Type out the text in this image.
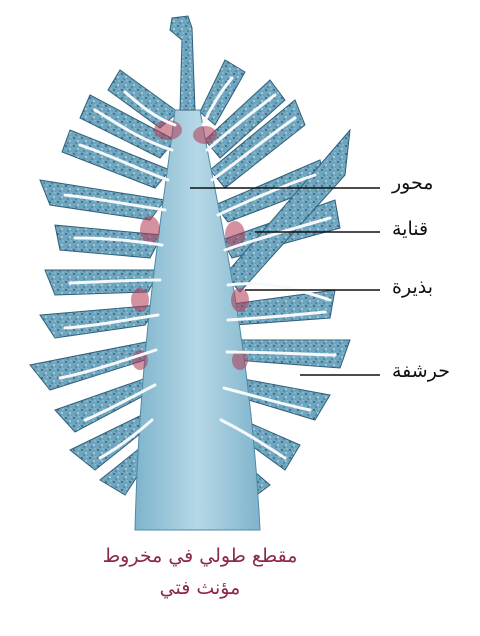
محور
قناية
بذيرة
حرشفة
مقطع طولي في مخروط
مؤنث فتي
